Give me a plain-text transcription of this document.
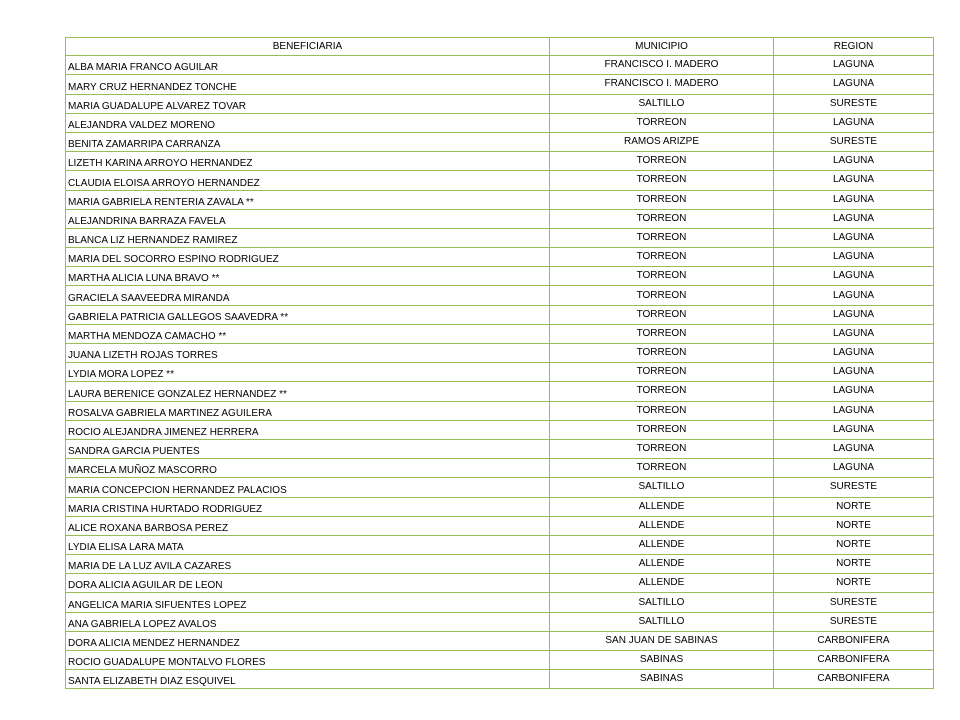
BENEFICIARIA	MUNICIPIO	REGION
ALBA MARIA FRANCO AGUILAR	FRANCISCO I. MADERO	LAGUNA
MARY CRUZ HERNANDEZ TONCHE	FRANCISCO I. MADERO	LAGUNA
MARIA GUADALUPE ALVAREZ TOVAR	SALTILLO	SURESTE
ALEJANDRA VALDEZ MORENO	TORREON	LAGUNA
BENITA ZAMARRIPA CARRANZA	RAMOS ARIZPE	SURESTE
LIZETH KARINA ARROYO HERNANDEZ	TORREON	LAGUNA
CLAUDIA ELOISA ARROYO HERNANDEZ	TORREON	LAGUNA
MARIA GABRIELA RENTERIA ZAVALA **	TORREON	LAGUNA
ALEJANDRINA BARRAZA FAVELA	TORREON	LAGUNA
BLANCA LIZ HERNANDEZ RAMIREZ	TORREON	LAGUNA
MARIA DEL SOCORRO ESPINO RODRIGUEZ	TORREON	LAGUNA
MARTHA ALICIA LUNA BRAVO **	TORREON	LAGUNA
GRACIELA SAAVEEDRA MIRANDA	TORREON	LAGUNA
GABRIELA PATRICIA GALLEGOS SAAVEDRA **	TORREON	LAGUNA
MARTHA MENDOZA CAMACHO **	TORREON	LAGUNA
JUANA LIZETH ROJAS TORRES	TORREON	LAGUNA
LYDIA MORA LOPEZ **	TORREON	LAGUNA
LAURA BERENICE GONZALEZ HERNANDEZ **	TORREON	LAGUNA
ROSALVA GABRIELA MARTINEZ AGUILERA	TORREON	LAGUNA
ROCIO ALEJANDRA JIMENEZ HERRERA	TORREON	LAGUNA
SANDRA GARCIA PUENTES	TORREON	LAGUNA
MARCELA MUÑOZ MASCORRO	TORREON	LAGUNA
MARIA CONCEPCION HERNANDEZ PALACIOS	SALTILLO	SURESTE
MARIA CRISTINA HURTADO RODRIGUEZ	ALLENDE	NORTE
ALICE ROXANA BARBOSA PEREZ	ALLENDE	NORTE
LYDIA ELISA LARA MATA	ALLENDE	NORTE
MARIA DE LA LUZ AVILA CAZARES	ALLENDE	NORTE
DORA ALICIA AGUILAR DE LEON	ALLENDE	NORTE
ANGELICA MARIA SIFUENTES LOPEZ	SALTILLO	SURESTE
ANA GABRIELA LOPEZ AVALOS	SALTILLO	SURESTE
DORA ALICIA MENDEZ HERNANDEZ	SAN JUAN DE SABINAS	CARBONIFERA
ROCIO GUADALUPE MONTALVO FLORES	SABINAS	CARBONIFERA
SANTA ELIZABETH DIAZ ESQUIVEL	SABINAS	CARBONIFERA
